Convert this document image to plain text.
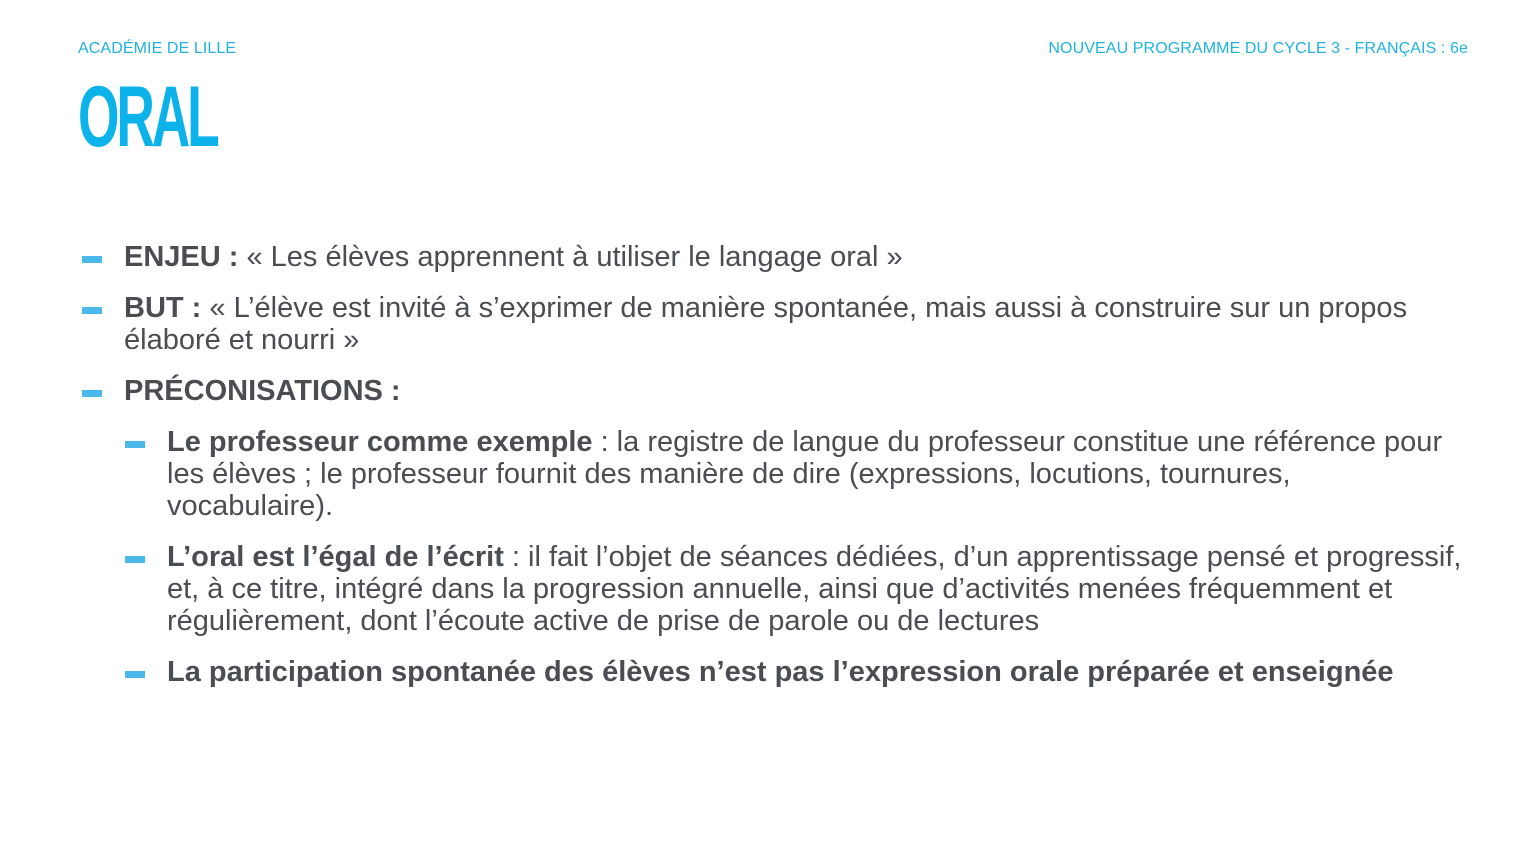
ACADÉMIE DE LILLE	NOUVEAU PROGRAMME DU CYCLE 3 - FRANÇAIS : 6e
ORAL
ENJEU : « Les élèves apprennent à utiliser le langage oral »
BUT : « L’élève est invité à s’exprimer de manière spontanée, mais aussi à construire sur un propos élaboré et nourri »
PRÉCONISATIONS :
Le professeur comme exemple : la registre de langue du professeur constitue une référence pour les élèves ; le professeur fournit des manière de dire (expressions, locutions, tournures, vocabulaire).
L’oral est l’égal de l’écrit : il fait l’objet de séances dédiées, d’un apprentissage pensé et progressif, et, à ce titre, intégré dans la progression annuelle, ainsi que d’activités menées fréquemment et régulièrement, dont l’écoute active de prise de parole ou de lectures
La participation spontanée des élèves n’est pas l’expression orale préparée et enseignée
